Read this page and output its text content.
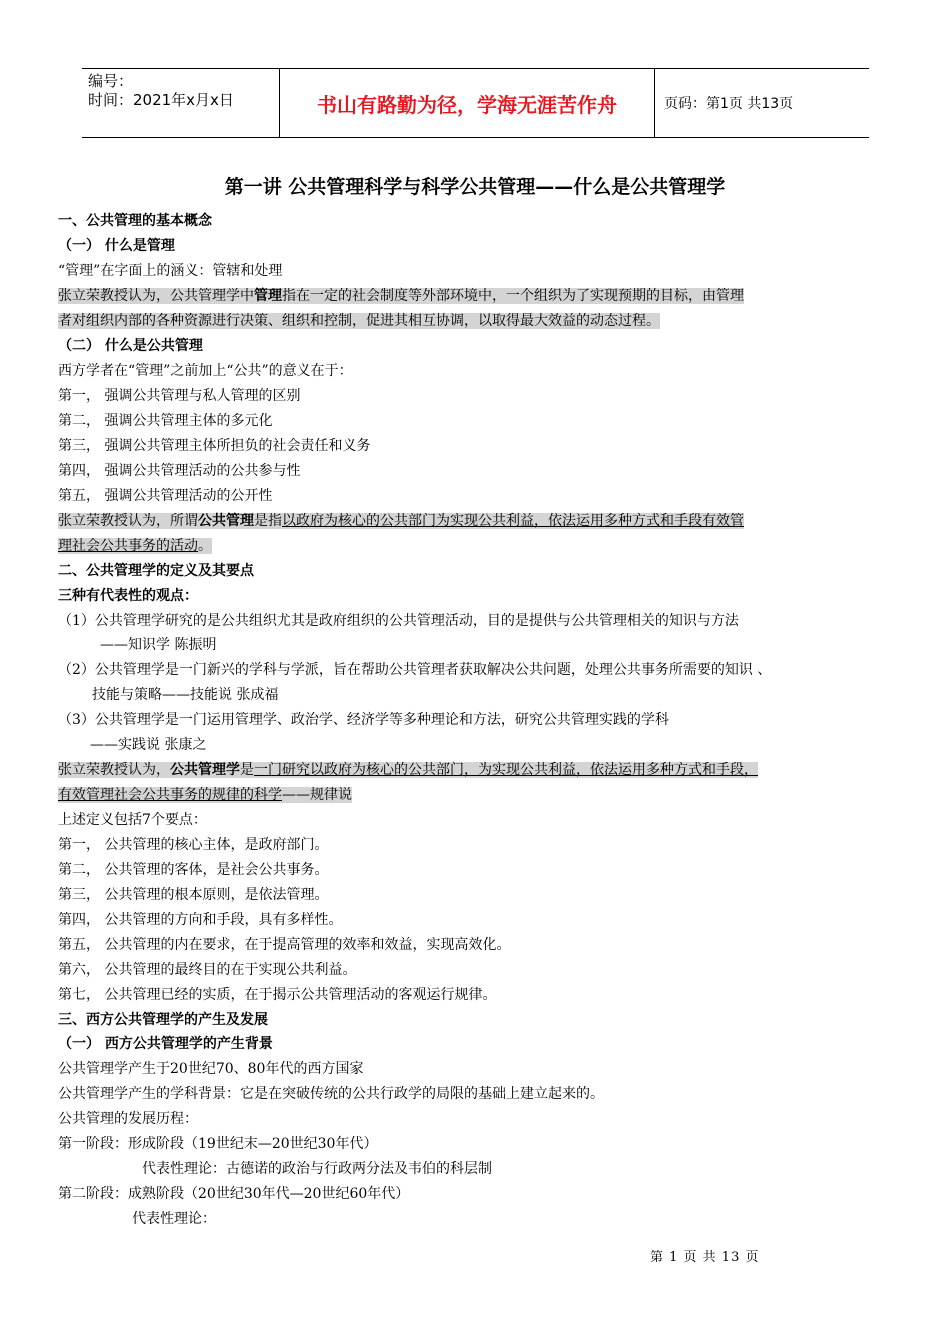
编号：
时间：2021年x月x日	书山有路勤为径，学海无涯苦作舟	页码：第1页 共13页
第一讲 公共管理科学与科学公共管理——什么是公共管理学
一、公共管理的基本概念
（一） 什么是管理
“管理”在字面上的涵义：管辖和处理
张立荣教授认为，公共管理学中管理指在一定的社会制度等外部环境中，一个组织为了实现预期的目标，由管理
者对组织内部的各种资源进行决策、组织和控制，促进其相互协调，以取得最大效益的动态过程。
（二） 什么是公共管理
西方学者在“管理”之前加上“公共”的意义在于：
第一， 强调公共管理与私人管理的区别
第二， 强调公共管理主体的多元化
第三， 强调公共管理主体所担负的社会责任和义务
第四， 强调公共管理活动的公共参与性
第五， 强调公共管理活动的公开性
张立荣教授认为，所谓公共管理是指以政府为核心的公共部门为实现公共利益，依法运用多种方式和手段有效管
理社会公共事务的活动。
二、公共管理学的定义及其要点
三种有代表性的观点：
（1）公共管理学研究的是公共组织尤其是政府组织的公共管理活动，目的是提供与公共管理相关的知识与方法
——知识学 陈振明
（2）公共管理学是一门新兴的学科与学派，旨在帮助公共管理者获取解决公共问题，处理公共事务所需要的知识 、
技能与策略——技能说 张成福
（3）公共管理学是一门运用管理学、政治学、经济学等多种理论和方法，研究公共管理实践的学科
——实践说 张康之
张立荣教授认为，公共管理学是一门研究以政府为核心的公共部门，为实现公共利益，依法运用多种方式和手段，
有效管理社会公共事务的规律的科学——规律说
上述定义包括7个要点：
第一， 公共管理的核心主体，是政府部门。
第二， 公共管理的客体，是社会公共事务。
第三， 公共管理的根本原则，是依法管理。
第四， 公共管理的方向和手段，具有多样性。
第五， 公共管理的内在要求，在于提高管理的效率和效益，实现高效化。
第六， 公共管理的最终目的在于实现公共利益。
第七， 公共管理已经的实质，在于揭示公共管理活动的客观运行规律。
三、西方公共管理学的产生及发展
（一） 西方公共管理学的产生背景
公共管理学产生于20世纪70、80年代的西方国家
公共管理学产生的学科背景：它是在突破传统的公共行政学的局限的基础上建立起来的。
公共管理的发展历程：
第一阶段：形成阶段（19世纪末—20世纪30年代）
代表性理论：古德诺的政治与行政两分法及韦伯的科层制
第二阶段：成熟阶段（20世纪30年代—20世纪60年代）
代表性理论：
第 1 页 共 13 页
